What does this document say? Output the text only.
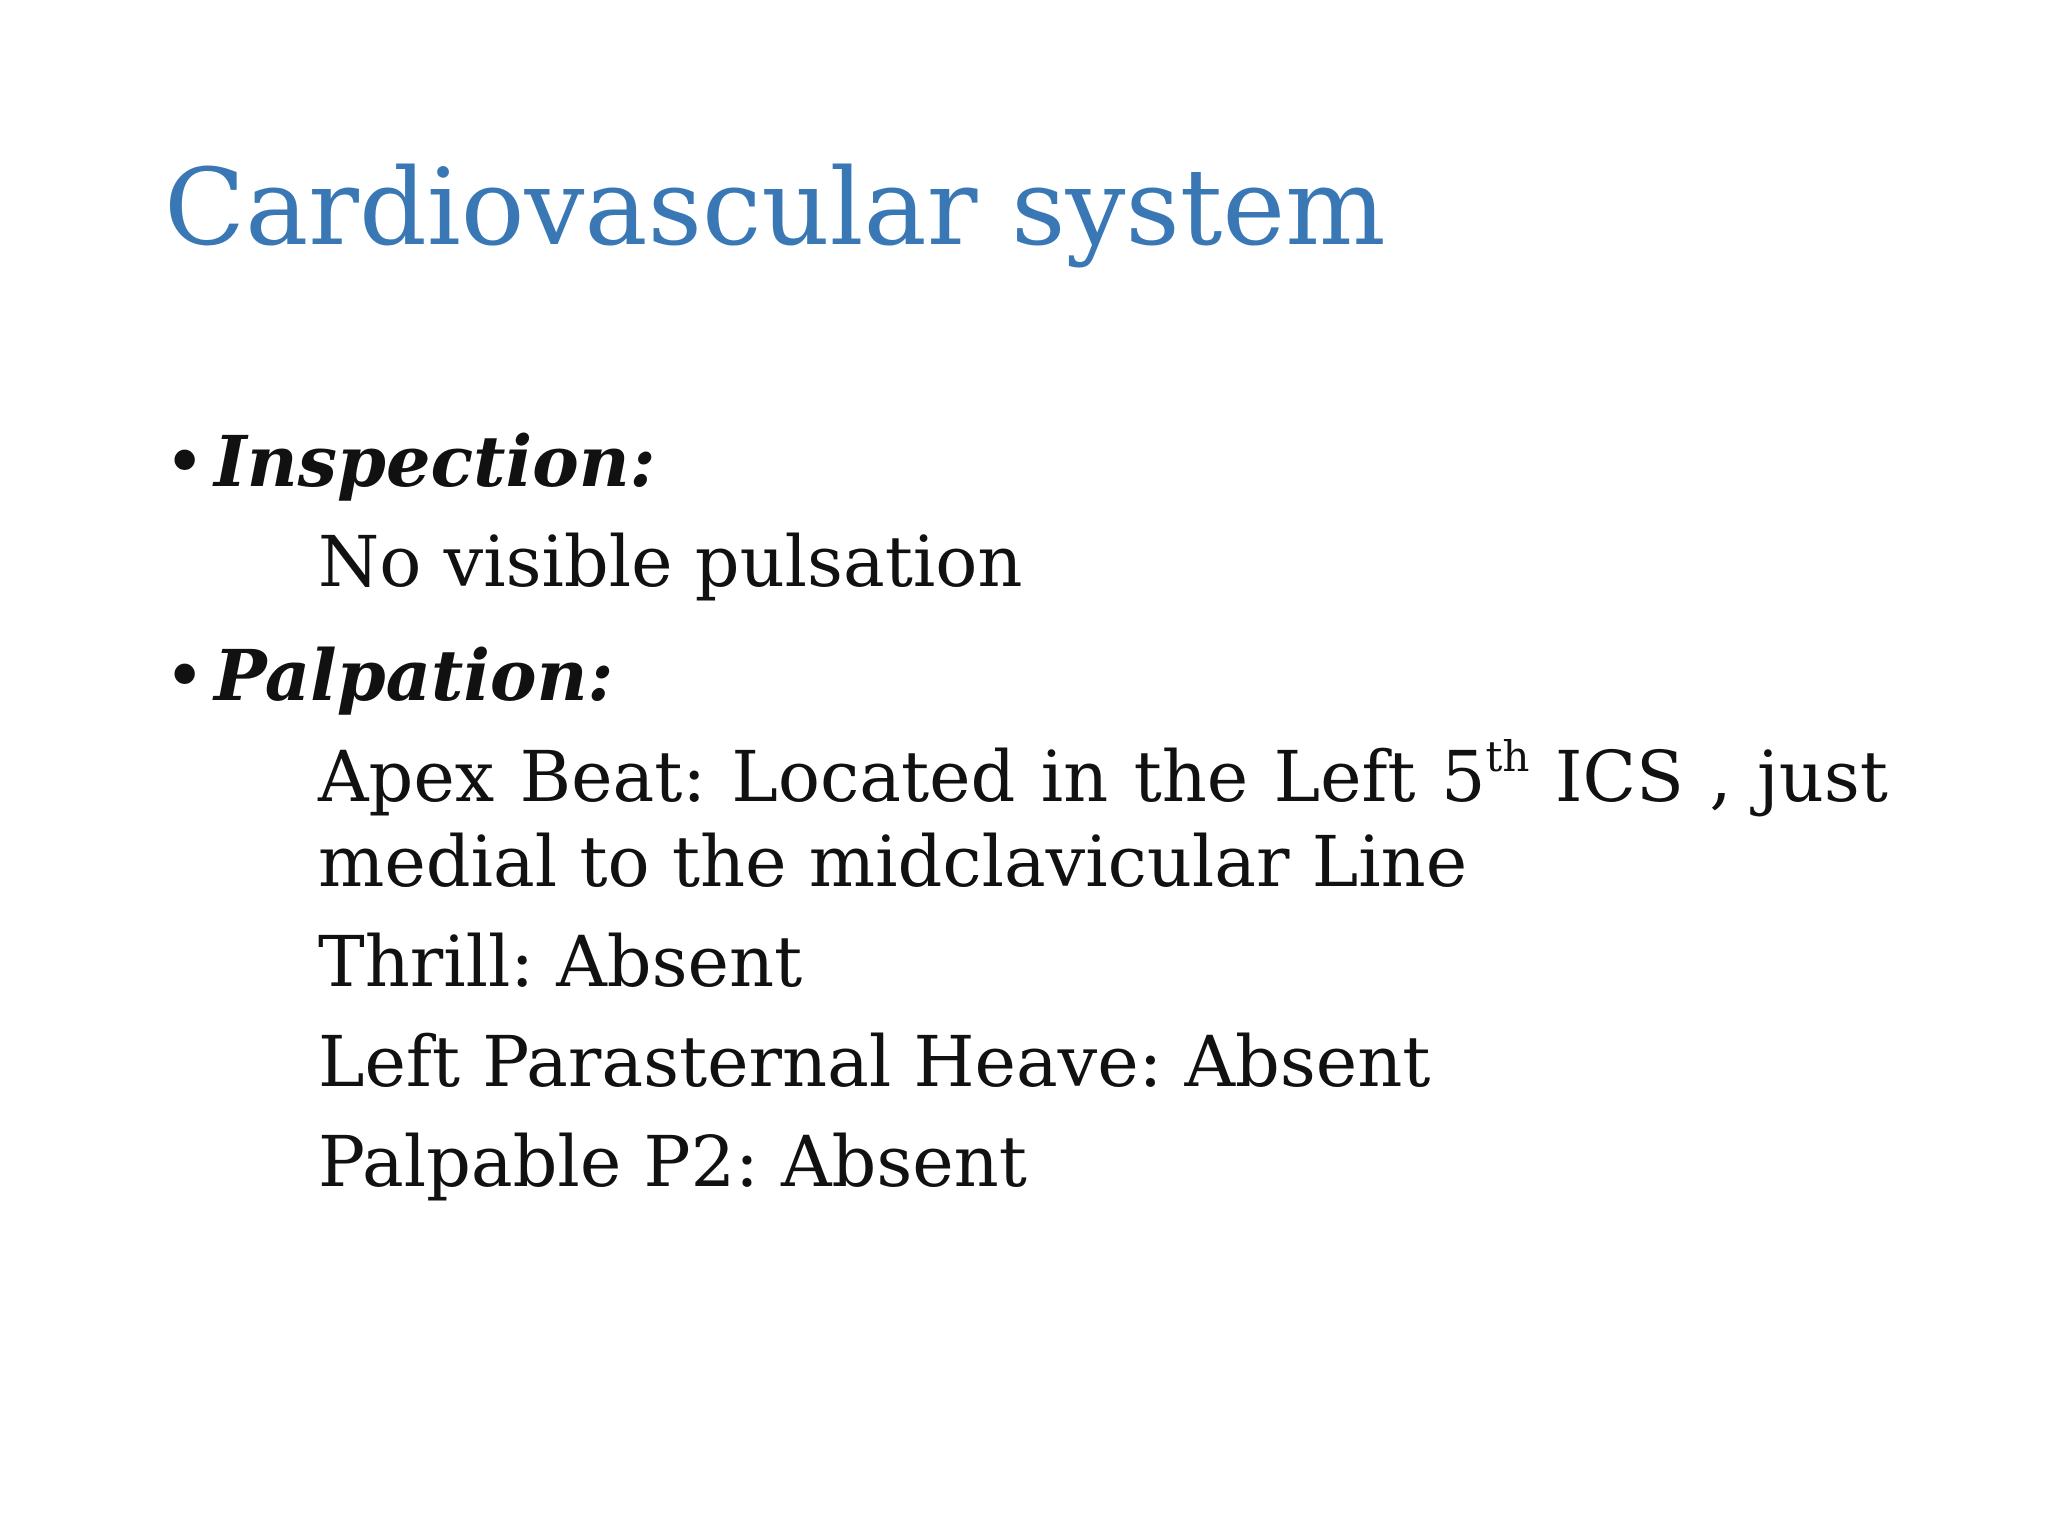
Cardiovascular system
• Inspection:
No visible pulsation
• Palpation:
Apex Beat: Located in the Left 5th ICS , just
medial to the midclavicular Line
Thrill: Absent
Left Parasternal Heave: Absent
Palpable P2: Absent
